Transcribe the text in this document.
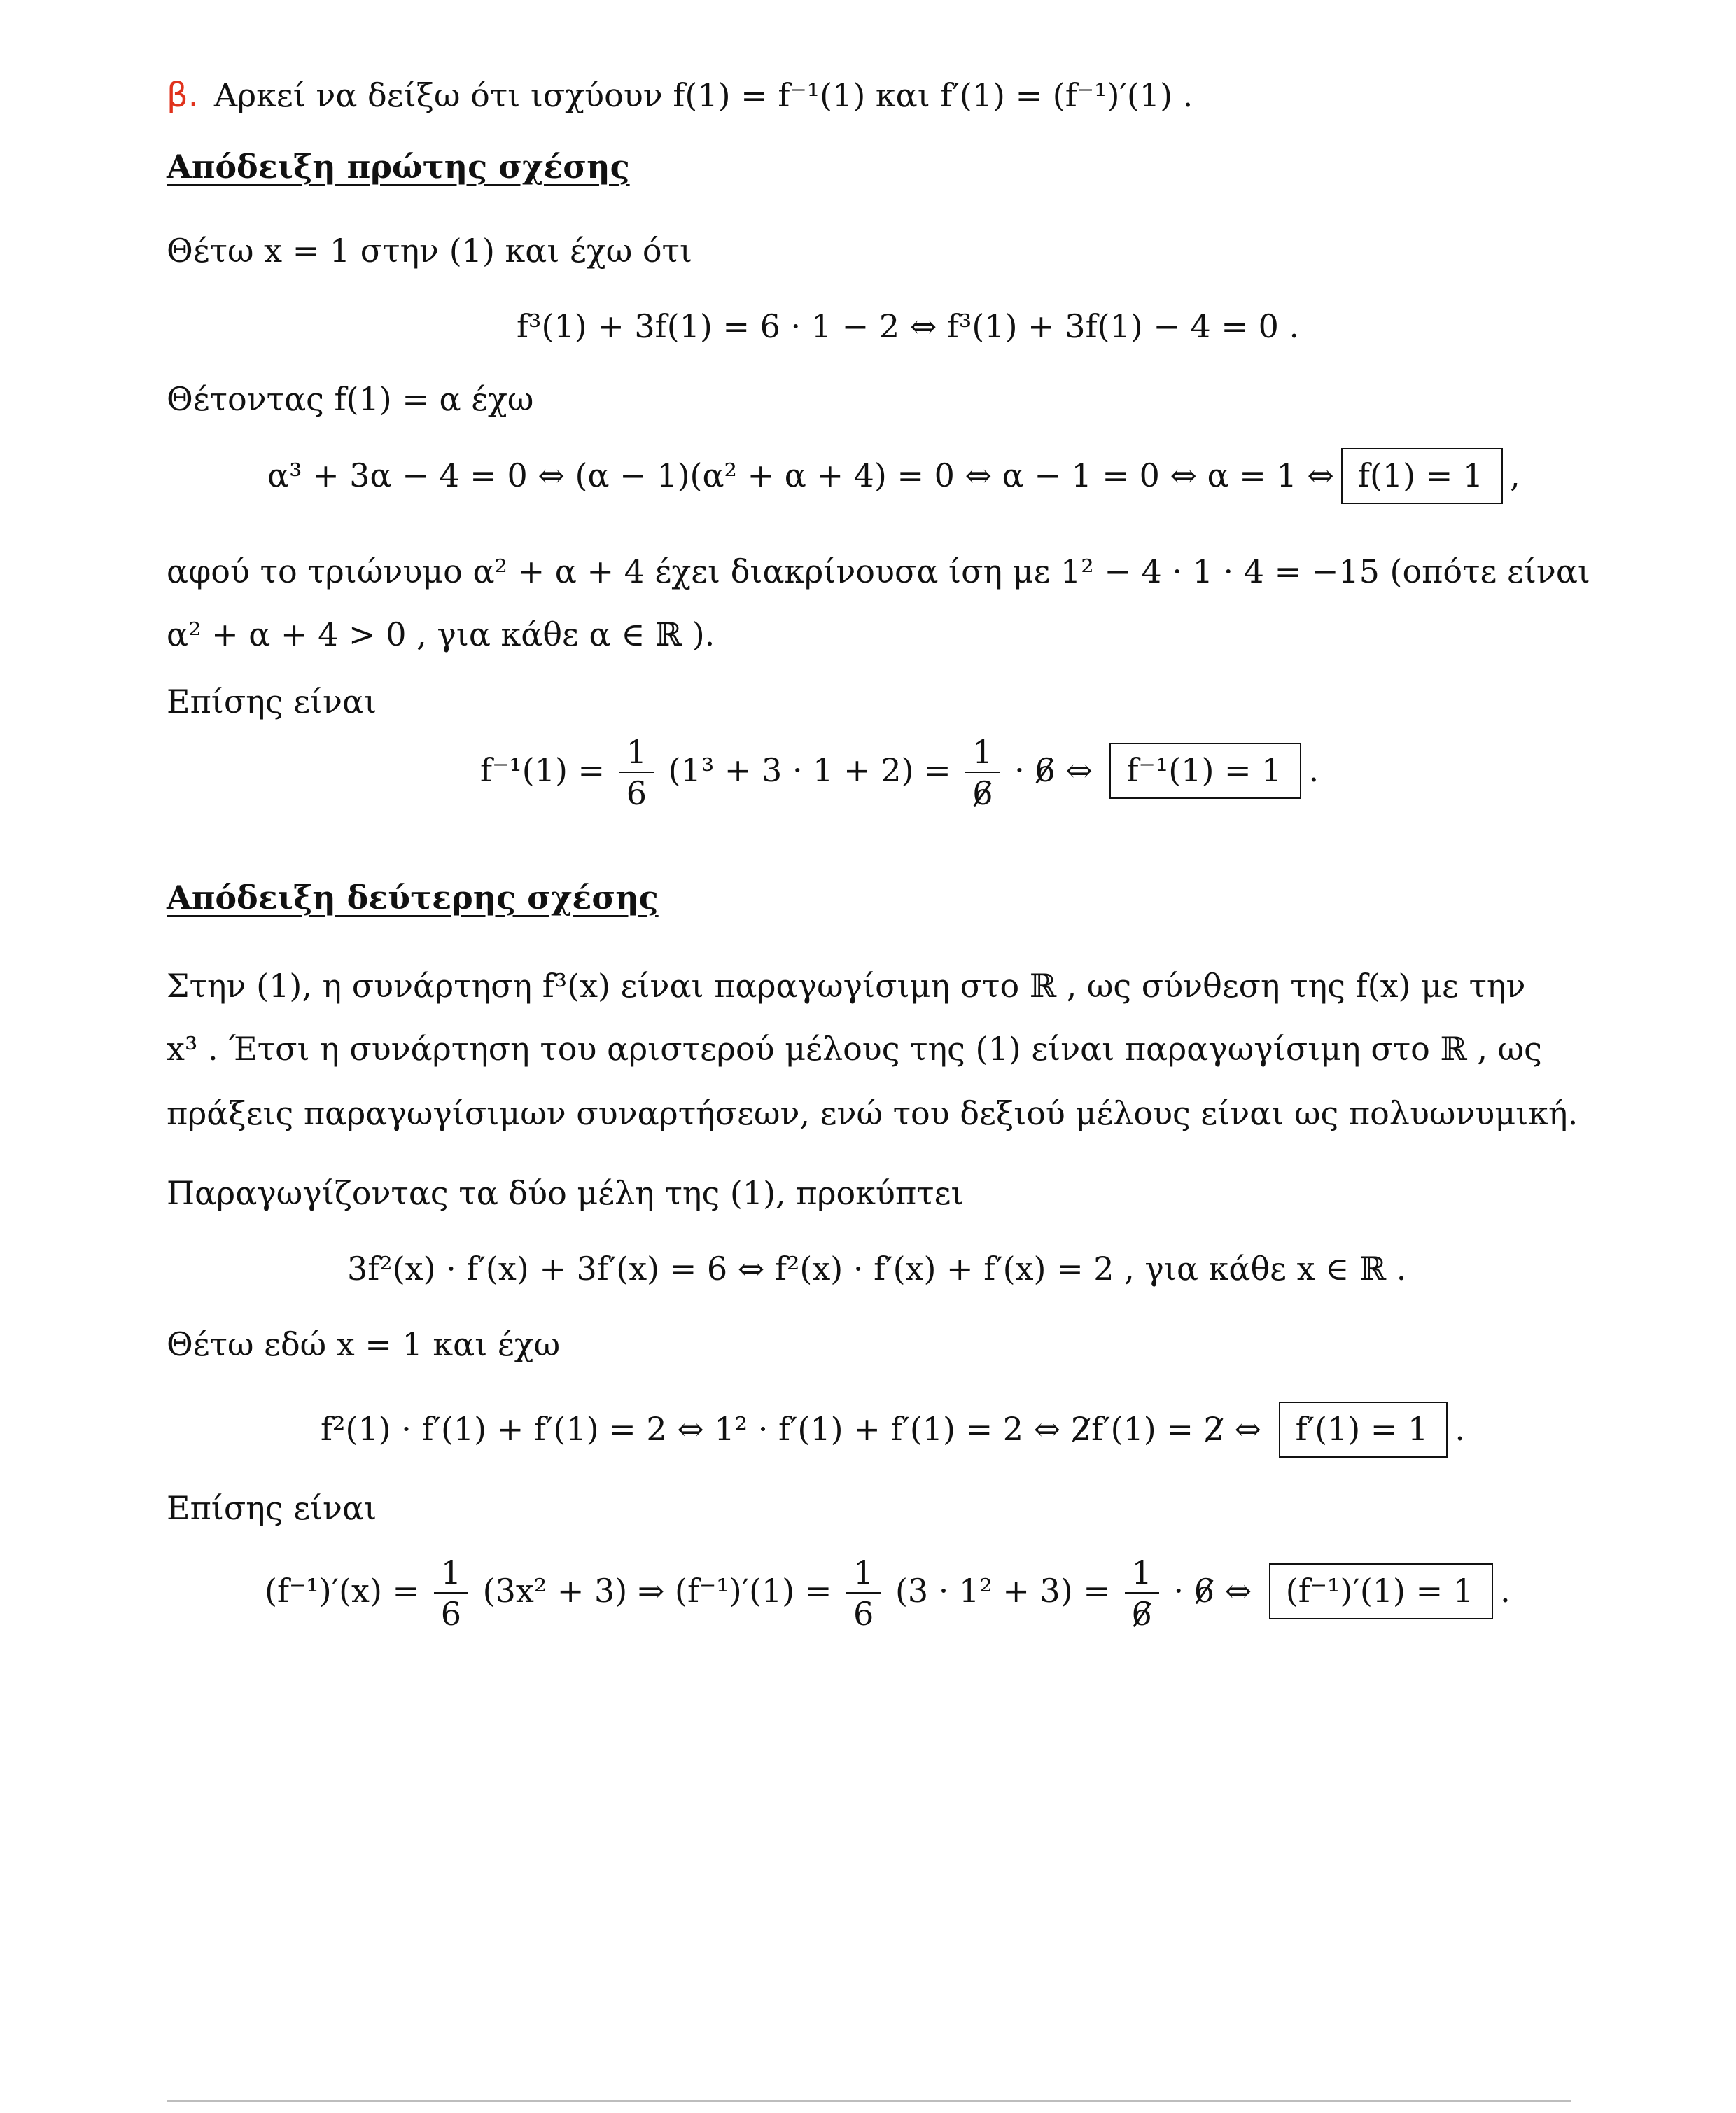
β. Αρκεί να δείξω ότι ισχύουν f(1) = f⁻¹(1) και f′(1) = (f⁻¹)′(1) .
Απόδειξη πρώτης σχέσης
Θέτω x = 1 στην (1) και έχω ότι
f³(1) + 3f(1) = 6 · 1 − 2 ⇔ f³(1) + 3f(1) − 4 = 0 .
Θέτοντας f(1) = α έχω
α³ + 3α − 4 = 0 ⇔ (α − 1)(α² + α + 4) = 0 ⇔ α − 1 = 0 ⇔ α = 1 ⇔ f(1) = 1 ,
αφού το τριώνυμο α² + α + 4 έχει διακρίνουσα ίση με 1² − 4 · 1 · 4 = −15 (οπότε είναι
α² + α + 4 > 0 , για κάθε α ∈ ℝ ).
Επίσης είναι
$f^{-1}(1) = \frac{1}{6} (1^3 + 3 \cdot 1 + 2) = \frac{1}{6} \cdot 6$ ⇔ f⁻¹(1) = 1 .
Απόδειξη δεύτερης σχέσης
Στην (1), η συνάρτηση f³(x) είναι παραγωγίσιμη στο ℝ , ως σύνθεση της f(x) με την
x³ . Έτσι η συνάρτηση του αριστερού μέλους της (1) είναι παραγωγίσιμη στο ℝ , ως
πράξεις παραγωγίσιμων συναρτήσεων, ενώ του δεξιού μέλους είναι ως πολυωνυμική.
Παραγωγίζοντας τα δύο μέλη της (1), προκύπτει
3f²(x) · f′(x) + 3f′(x) = 6 ⇔ f²(x) · f′(x) + f′(x) = 2 , για κάθε x ∈ ℝ .
Θέτω εδώ x = 1 και έχω
f²(1) · f′(1) + f′(1) = 2 ⇔ 1² · f′(1) + f′(1) = 2 ⇔ 2f′(1) = 2 ⇔ f′(1) = 1 .
Επίσης είναι
$(f^{-1})'(x) = \frac{1}{6} (3x^2 + 3)$ ⇒ $(f^{-1})'(1) = \frac{1}{6} (3 \cdot 1^2 + 3) = \frac{1}{6} \cdot 6$ ⇔ (f⁻¹)′(1) = 1 .
